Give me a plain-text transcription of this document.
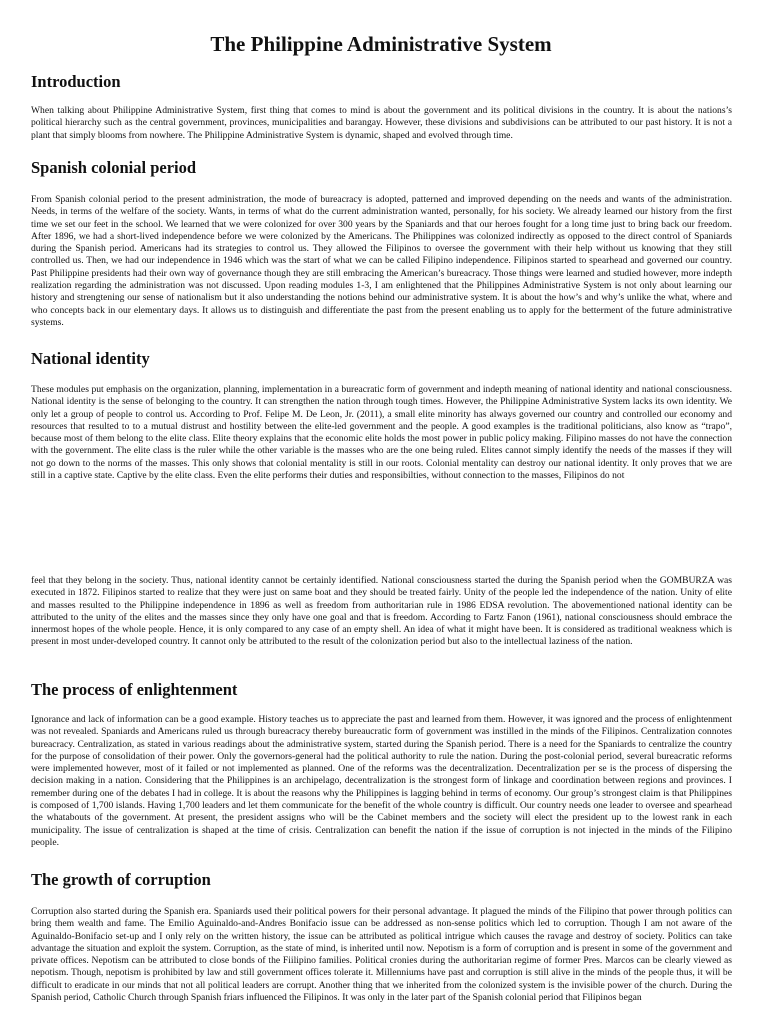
The Philippine Administrative System
Introduction

When talking about Philippine Administrative System, first thing that comes to mind is about the government and its political divisions in the country. It is about the nations’s political hierarchy such as the central government, provinces, municipalities and barangay. However, these divisions and subdivisions can be attributed to our past history. It is not a plant that simply blooms from nowhere. The Philippine Administrative System is dynamic, shaped and evolved through time.

Spanish colonial period

From Spanish colonial period to the present administration, the mode of bureacracy is adopted, patterned and improved depending on the needs and wants of the administration. Needs, in terms of the welfare of the society. Wants, in terms of what do the current administration wanted, personally, for his society. We already learned our history from the first time we set our feet in the school. We learned that we were colonized for over 300 years by the Spaniards and that our heroes fought for a long time just to bring back our freedom. After 1896, we had a short-lived independence before we were colonized by the Americans. The Philippines was colonized indirectly as opposed to the direct control of Spaniards during the Spanish period. Americans had its strategies to control us. They allowed the Filipinos to oversee the government with their help without us knowing that they still controlled us. Then, we had our independence in 1946 which was the start of what we can be called Filipino independence. Filipinos started to spearhead and governed our country. Past Philippine presidents had their own way of governance though they are still embracing the American’s bureacracy. Those things were learned and studied however, more indepth realization regarding the administration was not discussed. Upon reading modules 1-3, I am enlightened that the Philippines Administrative System is not only about learning our history and strengtening our sense of nationalism but it also understanding the notions behind our administrative system. It is about the how’s and why’s unlike the what, where and who concepts back in our elementary days. It allows us to distinguish and differentiate the past from the present enabling us to apply for the betterment of the future administrative systems.

National identity

These modules put emphasis on the organization, planning, implementation in a bureacratic form of government and indepth meaning of national identity and national consciousness. National identity is the sense of belonging to the country. It can strengthen the nation through tough times. However, the Philippine Administrative System lacks its own identity. We only let a group of people to control us. According to Prof. Felipe M. De Leon, Jr. (2011), a small elite minority has always governed our country and controlled our economy and resources that resulted to to a mutual distrust and hostility between the elite-led government and the people. A good examples is the traditional politicians, also know as “trapo”, because most of them belong to the elite class. Elite theory explains that the economic elite holds the most power in public policy making. Filipino masses do not have the connection with the government. The elite class is the ruler while the other variable is the masses who are the one being ruled. Elites cannot simply identify the needs of the masses if they will not go down to the norms of the masses. This only shows that colonial mentality is still in our roots. Colonial mentality can destroy our national identity. It only proves that we are still in a captive state. Captive by the elite class. Even the elite performs their duties and responsibilties, without connection to the masses, Filipinos do not

feel that they belong in the society. Thus, national identity cannot be certainly identified. National consciousness started the during the Spanish period when the GOMBURZA was executed in 1872. Filipinos started to realize that they were just on same boat and they should be treated fairly. Unity of the people led the independence of the nation. Unity of elite and masses resulted to the Philippine independence in 1896 as well as freedom from authoritarian rule in 1986 EDSA revolution. The abovementioned national identity can be attributed to the unity of the elites and the masses since they only have one goal and that is freedom. According to Fartz Fanon (1961), national consciousness should embrace the innermost hopes of the whole people. Hence, it is only compared to any case of an empty shell. An idea of what it might have been. It is considered as traditional weakness which is present in most under-developed country. It cannot only be attributed to the result of the colonization period but also to the intellectual laziness of the nation.

The process of enlightenment

Ignorance and lack of information can be a good example. History teaches us to appreciate the past and learned from them. However, it was ignored and the process of enlightenment was not revealed. Spaniards and Americans ruled us through bureacracy thereby bureaucratic form of government was instilled in the minds of the Filipinos. Centralization connotes bureacracy. Centralization, as stated in various readings about the administrative system, started during the Spanish period. There is a need for the Spaniards to centralize the country for the purpose of consolidation of their power. Only the governors-general had the political authority to rule the nation. During the post-colonial period, several bureacratic reforms were implemented however, most of it failed or not implemented as planned. One of the reforms was the decentralization. Decentralization per se is the process of dispersing the decision making in a nation. Considering that the Philippines is an archipelago, decentralization is the strongest form of linkage and coordination between regions and provinces. I remember during one of the debates I had in college. It is about the reasons why the Philippines is lagging behind in terms of economy. Our group’s strongest claim is that Philippines is composed of 1,700 islands. Having 1,700 leaders and let them communicate for the benefit of the whole country is difficult. Our country needs one leader to oversee and spearhead the whatabouts of the government. At present, the president assigns who will be the Cabinet members and the society will elect the president up to the lowest rank in each municipality. The issue of centralization is shaped at the time of crisis. Centralization can benefit the nation if the issue of corruption is not injected in the minds of the Filipino people.

The growth of corruption

Corruption also started during the Spanish era. Spaniards used their political powers for their personal advantage. It plagued the minds of the Filipino that power through politics can bring them wealth and fame. The Emilio Aguinaldo-and-Andres Bonifacio issue can be addressed as non-sense politics which led to corruption. Though I am not aware of the Aguinaldo-Bonifacio set-up and I only rely on the written history, the issue can be attributed as political intrigue which causes the ravage and destroy of society. Politics can take advantage the situation and exploit the system. Corruption, as the state of mind, is inherited until now. Nepotism is a form of corruption and is present in some of the government and private offices. Nepotism can be attributed to close bonds of the Fiilipino families. Political cronies during the authoritarian regime of former Pres. Marcos can be clearly viewed as nepotism. Though, nepotism is prohibited by law and still government offices tolerate it. Millenniums have past and corruption is still alive in the minds of the people thus, it will be difficult to eradicate in our minds that not all political leaders are corrupt. Another thing that we inherited from the colonized system is the invisible power of the church. During the Spanish period, Catholic Church through Spanish friars influenced the Filipinos. It was only in the later part of the Spanish colonial period that Filipinos began
